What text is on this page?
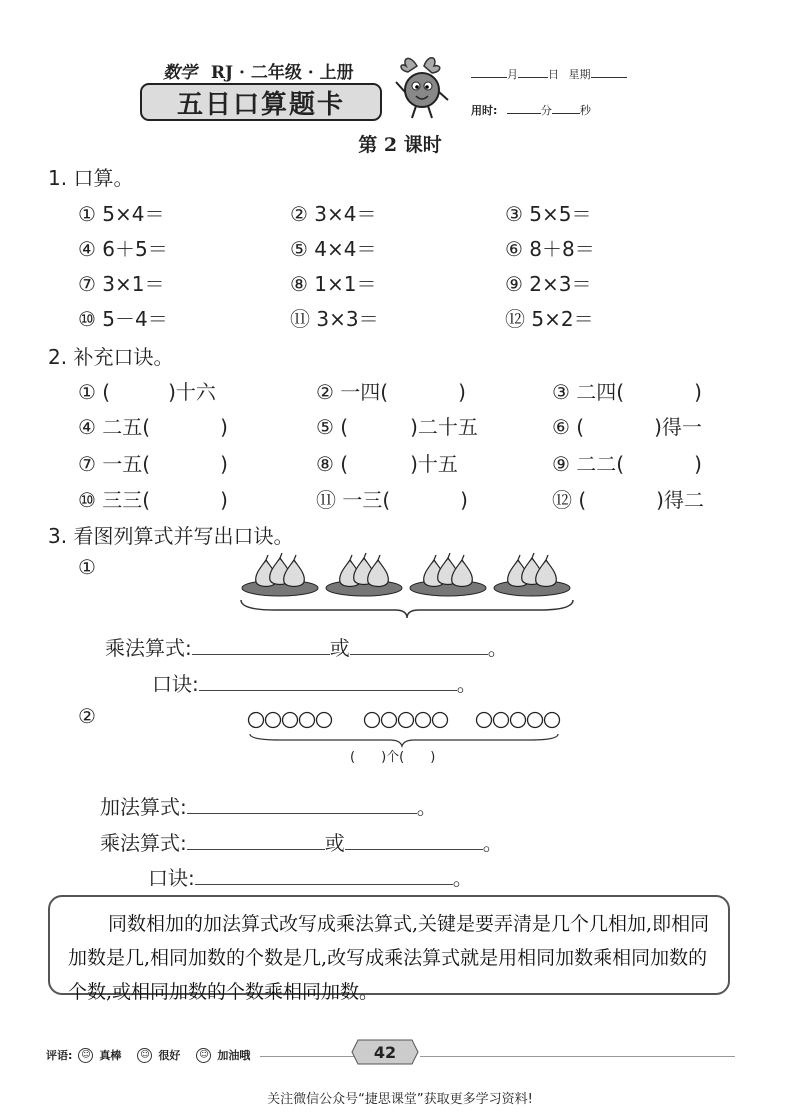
数学 RJ · 二年级 · 上册
五日口算题卡
月	日 星期
用时:	分	秒
第 2 课时
1. 口算。
① 5×4＝	② 3×4＝	③ 5×5＝
④ 6＋5＝	⑤ 4×4＝	⑥ 8＋8＝
⑦ 3×1＝	⑧ 1×1＝	⑨ 2×3＝
⑩ 5－4＝	⑪ 3×3＝	⑫ 5×2＝
2. 补充口诀。
① (	)十六	② 一四(	)	③ 二四(	)
④ 二五(	)	⑤ (	)二十五	⑥ (	)得一
⑦ 一五(	)	⑧ (	)十五	⑨ 二二(	)
⑩ 三三(	)	⑪ 一三(	)	⑫ (	)得二
3. 看图列算式并写出口诀。
①
乘法算式:	或	。
口诀:	。
②
(　　)个(　　)
加法算式:	。
乘法算式:	或	。
口诀:	。
同数相加的加法算式改写成乘法算式,关键是要弄清是几个几相加,即相同加数是几,相同加数的个数是几,改写成乘法算式就是用相同加数乘相同加数的个数,或相同加数的个数乘相同加数。
评语: ☺ 真棒	☺ 很好	☺ 加油哦	42
关注微信公众号“捷思课堂”获取更多学习资料!
